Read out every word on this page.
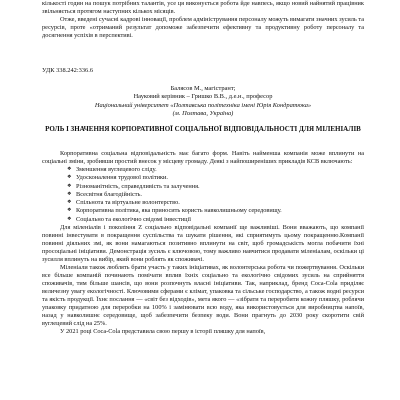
кількості годин на пошук потрібних талантів, усе ця виконується робота йде навпесь, якщо новий найнятий працівник звільняється протягом наступних кількох місяців.

Отже, введені сучасні кадрові інновації, проблем адміністрування персоналу можуть вимагати значних зусиль та ресурсів, проте «отриманий результат допоможе забезпечити ефективну та продуктивну роботу персоналу та досягнення успіхів в перспективі.

УДК 338.242:336.6
Балясов М., магістрант;
Науковий керівник – Гришко В.В., д.е.н., професор
Національний університет «Полтавська політехніка імені Юрія Кондратюка»
(м. Полтава, Україна)
РОЛЬ І ЗНАЧЕННЯ КОРПОРАТИВНОЇ СОЦІАЛЬНОЇ ВІДПОВІДАЛЬНОСТІ ДЛЯ МІЛЕНІАЛІВ

Корпоративна соціальна відповідальність має багато форм. Навіть найменша компанія може вплинути на соціальні зміни, зробивши простий внесок у місцеву громаду. Деякі з найпоширеніших прикладів КСВ включають:

❖ Зменшення вуглецевого сліду.
❖ Удосконалення трудової політики.
❖ Різноманітність, справедливість та залучення.
❖ Всесвітня благодійність.
❖ Спільнота та віртуальне волонтерство.
❖ Корпоративна політика, яка приносить користь навколишньому середовищу.
❖ Соціально та екологічно свідомі інвестиції

Для міленіалів і покоління Z соціально відповідальні компанії ще важливіші. Вони вважають, що компанії повинні інвестувати в покращення суспільства та шукати рішення, які сприятимуть цьому покращенню.Компанії повинні діяльних змі, як вони намагаються позитивно вплинути на світ, щоб громадськість могла побачити їхні просоціальні ініціативи. Демонстрація зусиль є ключовою, тому важливо навчитися продавати міленіалам, оскільки ці зусилля вплинуть на вибір, який вони роблять як споживачі.

Міленіали також люблять брати участь у таких ініціативах, як волонтерська робота чи пожертвування. Оскільки все більше компаній починають помічати вплив їхніх соціально та екологічно свідомих зусиль на сприйняття споживачів, тим більше шансів, що вони розпочнуть власні ініціативи. Так, наприклад, бренд Coca-Cola приділяє величезну увагу екологічності. Ключовими сферами є клімат, упаковка та сільське господарство, а також водні ресурси та якість продукції. Їхнє послання — «світ без відходів», мета якого — «зібрати та переробити кожну пляшку, роблячи упаковку придатною для переробки на 100% і замінювати всю воду, яка використовується для виробництва напоїв, назад у навколишнє середовище, щоб забезпечити безпеку води. Вони прагнуть до 2030 року скоротити свій вуглецевий слід на 25%.

У 2021 році Coca-Cola представила свою першу в історії пляшку для напоїв,
